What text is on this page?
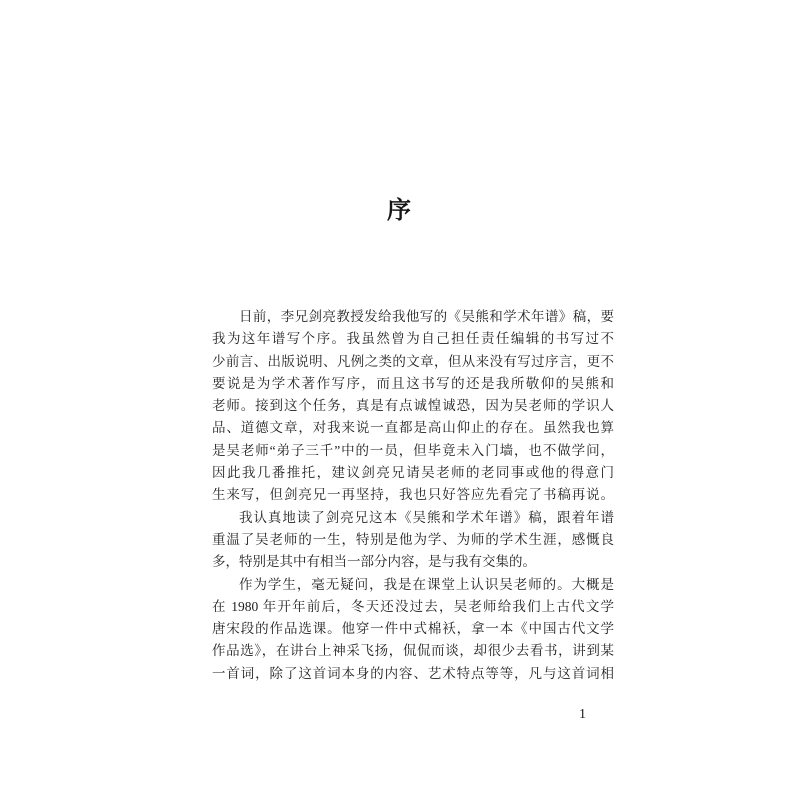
序
日前，李兄剑亮教授发给我他写的《吴熊和学术年谱》稿，要
我为这年谱写个序。我虽然曾为自己担任责任编辑的书写过不
少前言、出版说明、凡例之类的文章，但从来没有写过序言，更不
要说是为学术著作写序，而且这书写的还是我所敬仰的吴熊和
老师。接到这个任务，真是有点诚惶诚恐，因为吴老师的学识人
品、道德文章，对我来说一直都是高山仰止的存在。虽然我也算
是吴老师“弟子三千”中的一员，但毕竟未入门墙，也不做学问，
因此我几番推托，建议剑亮兄请吴老师的老同事或他的得意门
生来写，但剑亮兄一再坚持，我也只好答应先看完了书稿再说。
我认真地读了剑亮兄这本《吴熊和学术年谱》稿，跟着年谱
重温了吴老师的一生，特别是他为学、为师的学术生涯，感慨良
多，特别是其中有相当一部分内容，是与我有交集的。
作为学生，毫无疑问，我是在课堂上认识吴老师的。大概是
在 1980 年开年前后，冬天还没过去，吴老师给我们上古代文学
唐宋段的作品选课。他穿一件中式棉袄，拿一本《中国古代文学
作品选》，在讲台上神采飞扬，侃侃而谈，却很少去看书，讲到某
一首词，除了这首词本身的内容、艺术特点等等，凡与这首词相
1
